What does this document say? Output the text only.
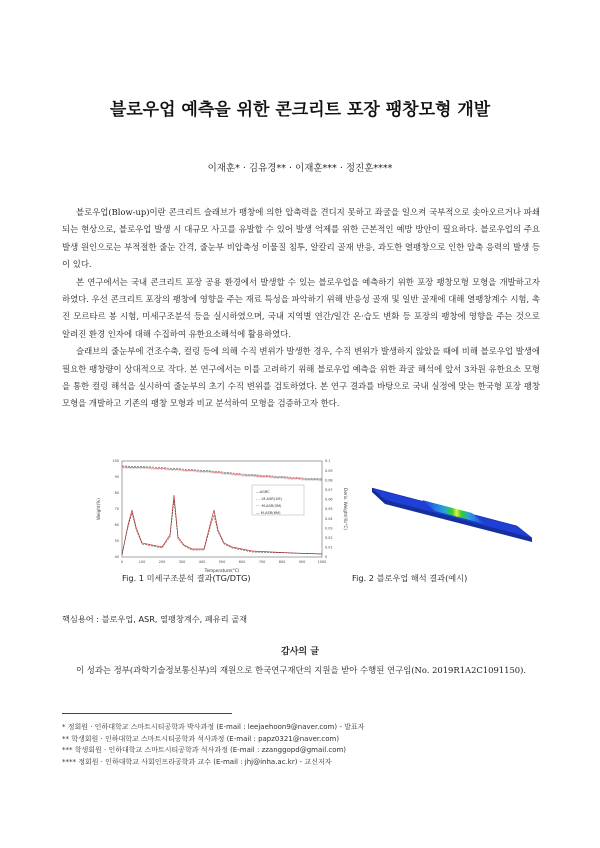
블로우업 예측을 위한 콘크리트 포장 팽창모형 개발
이재훈* · 김유경** · 이재훈*** · 정진훈****

블로우업(Blow-up)이란 콘크리트 슬래브가 팽창에 의한 압축력을 견디지 못하고 좌굴을 일으켜 국부적으로 솟아오르거나 파쇄되는 현상으로, 블로우업 발생 시 대규모 사고를 유발할 수 있어 발생 억제를 위한 근본적인 예방 방안이 필요하다. 블로우업의 주요 발생 원인으로는 부적절한 줄눈 간격, 줄눈부 비압축성 이물질 침투, 알칼리 골재 반응, 과도한 열팽창으로 인한 압축 응력의 발생 등이 있다.

본 연구에서는 국내 콘크리트 포장 공용 환경에서 발생할 수 있는 블로우업을 예측하기 위한 포장 팽창모형 모형을 개발하고자 하였다. 우선 콘크리트 포장의 팽창에 영향을 주는 재료 특성을 파악하기 위해 반응성 골재 및 일반 골재에 대해 열팽창계수 시험, 촉진 모르타르 봉 시험, 미세구조분석 등을 실시하였으며, 국내 지역별 연간/일간 온·습도 변화 등 포장의 팽창에 영향을 주는 것으로 알려진 환경 인자에 대해 수집하여 유한요소해석에 활용하였다.

슬래브의 줄눈부에 건조수축, 컬링 등에 의해 수직 변위가 발생한 경우, 수직 변위가 발생하지 않았을 때에 비해 블로우업 발생에 필요한 팽창량이 상대적으로 작다. 본 연구에서는 이를 고려하기 위해 블로우업 예측을 위한 좌굴 해석에 앞서 3차원 유한요소 모형을 통한 컬링 해석을 실시하여 줄눈부의 초기 수직 변위를 검토하였다. 본 연구 결과를 바탕으로 국내 실정에 맞는 한국형 포장 팽창 모형을 개발하고 기존의 팽창 모형과 비교 분석하여 모형을 검증하고자 한다.

0	100	200	300	400	500	600	700	800	900	1000
40
50
60
70
80
90
100
0
0.01
0.02
0.03
0.04
0.05
0.06
0.07
0.08
0.09
0.1
—AGRC
- - -M-ASR(1M)
·····M-ASR(3M)
— M-ASR(6M)
Temperature(°C)
Weight(%)	Deriv. Weight(%/°C)
Fig. 1 미세구조분석 결과(TG/DTG)	Fig. 2 블로우업 해석 결과(예시)
핵심용어 : 블로우업, ASR, 열팽창계수, 폐유리 골재
감사의 글
이 성과는 정부(과학기술정보통신부)의 재원으로 한국연구재단의 지원을 받아 수행된 연구임(No. 2019R1A2C1091150).
* 정회원 · 인하대학교 스마트시티공학과 박사과정 (E-mail : leejaehoon9@naver.com) - 발표자
** 학생회원 · 인하대학교 스마트시티공학과 석사과정 (E-mail : papz0321@naver.com)
*** 학생회원 · 인하대학교 스마트시티공학과 석사과정 (E-mail : zzanggopd@gmail.com)
**** 정회원 · 인하대학교 사회인프라공학과 교수 (E-mail : jhj@inha.ac.kr) - 교신저자
